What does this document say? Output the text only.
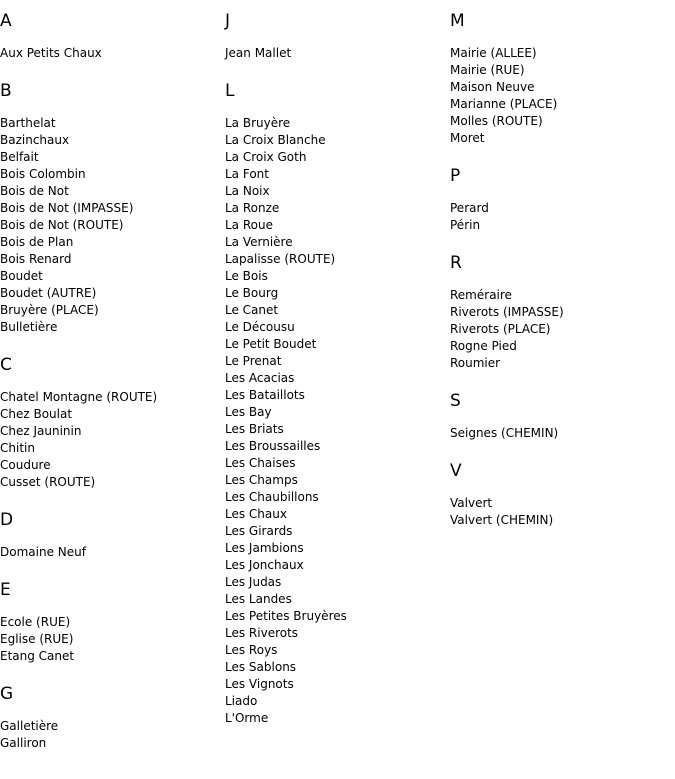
A
Aux Petits Chaux
B
Barthelat
Bazinchaux
Belfait
Bois Colombin
Bois de Not
Bois de Not (IMPASSE)
Bois de Not (ROUTE)
Bois de Plan
Bois Renard
Boudet
Boudet (AUTRE)
Bruyère (PLACE)
Bulletière
C
Chatel Montagne (ROUTE)
Chez Boulat
Chez Jauninin
Chitin
Coudure
Cusset (ROUTE)
D
Domaine Neuf
E
Ecole (RUE)
Eglise (RUE)
Etang Canet
G
Galletière
Galliron
J
Jean Mallet
L
La Bruyère
La Croix Blanche
La Croix Goth
La Font
La Noix
La Ronze
La Roue
La Vernière
Lapalisse (ROUTE)
Le Bois
Le Bourg
Le Canet
Le Décousu
Le Petit Boudet
Le Prenat
Les Acacias
Les Bataillots
Les Bay
Les Briats
Les Broussailles
Les Chaises
Les Champs
Les Chaubillons
Les Chaux
Les Girards
Les Jambions
Les Jonchaux
Les Judas
Les Landes
Les Petites Bruyères
Les Riverots
Les Roys
Les Sablons
Les Vignots
Liado
L'Orme
M
Mairie (ALLEE)
Mairie (RUE)
Maison Neuve
Marianne (PLACE)
Molles (ROUTE)
Moret
P
Perard
Périn
R
Reméraire
Riverots (IMPASSE)
Riverots (PLACE)
Rogne Pied
Roumier
S
Seignes (CHEMIN)
V
Valvert
Valvert (CHEMIN)
